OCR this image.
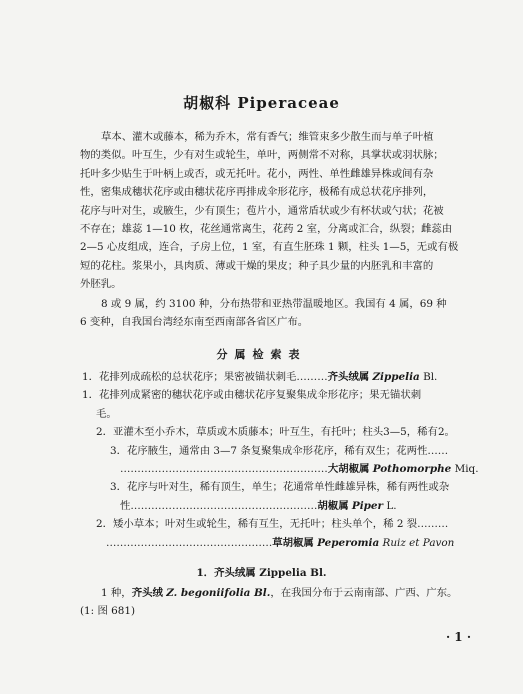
胡椒科 Piperaceae
草本、灌木或藤本，稀为乔木，常有香气；维管束多少散生而与单子叶植
物的类似。叶互生，少有对生或轮生，单叶，两侧常不对称，具掌状或羽状脉；
托叶多少贴生于叶柄上或否，或无托叶。花小，两性、单性雌雄异株或间有杂
性，密集成穗状花序或由穗状花序再排成伞形花序，极稀有成总状花序排列，
花序与叶对生，或腋生，少有顶生；苞片小，通常盾状或少有杯状或勺状；花被
不存在；雄蕊 1—10 枚，花丝通常离生，花药 2 室，分离或汇合，纵裂；雌蕊由
2—5 心皮组成，连合，子房上位，1 室，有直生胚珠 1 颗，柱头 1—5，无或有极
短的花柱。浆果小，具肉质、薄或干燥的果皮；种子具少量的内胚乳和丰富的
外胚乳。
8 或 9 属，约 3100 种，分布热带和亚热带温暖地区。我国有 4 属，69 种
6 变种，自我国台湾经东南至西南部各省区广布。
分属检索表
1．花排列成疏松的总状花序；果密被锚状刺毛………齐头绒属 Zippelia Bl.
1．花排列成紧密的穗状花序或由穗状花序复聚集成伞形花序；果无锚状刺
毛。
2．亚灌木至小乔木，草质或木质藤本；叶互生，有托叶；柱头3—5，稀有2。
3．花序腋生，通常由 3—7 条复聚集成伞形花序，稀有双生；花两性……
……………………………………………………大胡椒属 Pothomorphe Miq.
3．花序与叶对生，稀有顶生，单生；花通常单性雌雄异株，稀有两性或杂
性………………………………………………胡椒属 Piper L.
2．矮小草本；叶对生或轮生，稀有互生，无托叶；柱头单个，稀 2 裂………
…………………………………………草胡椒属 Peperomia Ruiz et Pavon
1．齐头绒属 Zippelia Bl.
1 种，齐头绒 Z. begoniifolia Bl.，在我国分布于云南南部、广西、广东。
(1: 图 681)
· 1 ·
